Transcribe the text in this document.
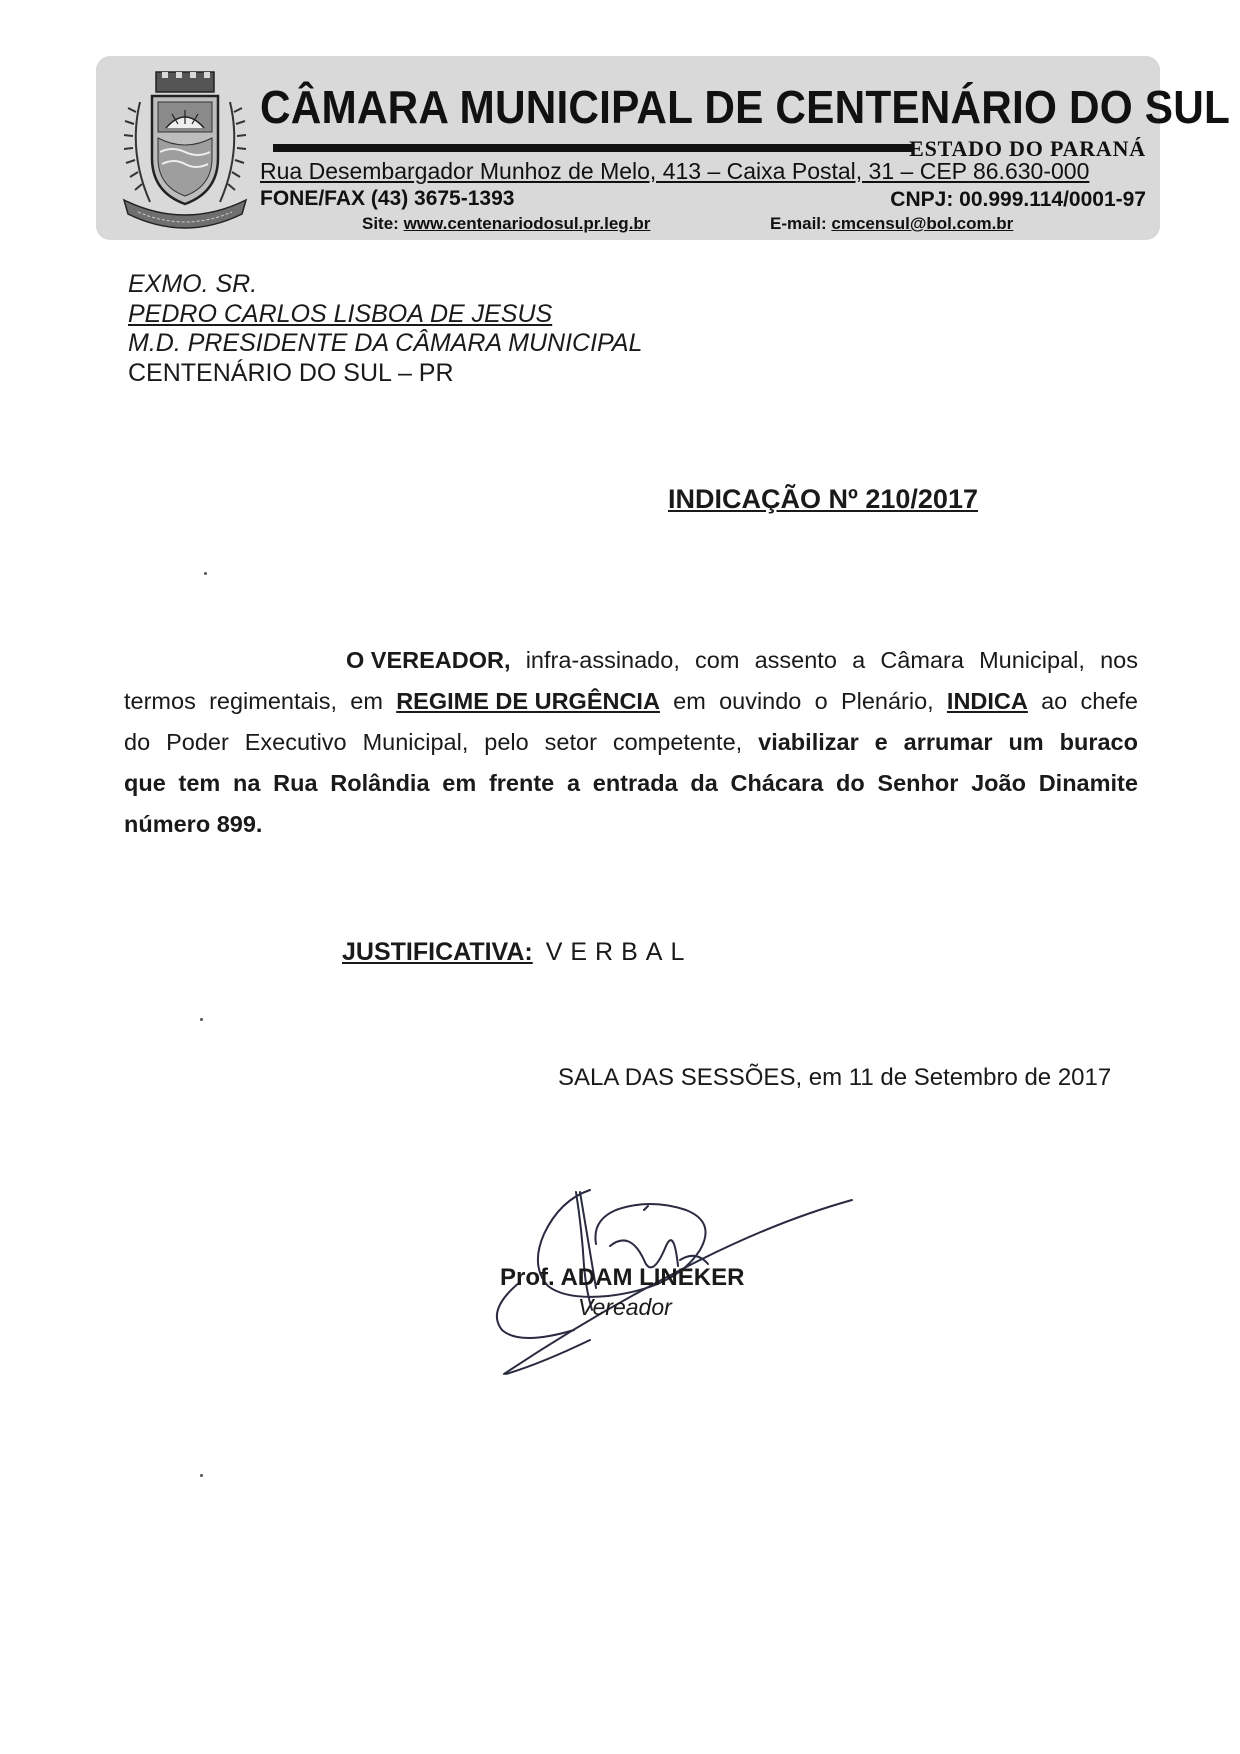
CÂMARA MUNICIPAL DE CENTENÁRIO DO SUL
ESTADO DO PARANÁ
Rua Desembargador Munhoz de Melo, 413 – Caixa Postal, 31 – CEP 86.630-000
FONE/FAX (43) 3675-1393	CNPJ: 00.999.114/0001-97
Site: www.centenariodosul.pr.leg.br	E-mail: cmcensul@bol.com.br
EXMO. SR.
PEDRO CARLOS LISBOA DE JESUS
M.D. PRESIDENTE DA CÂMARA MUNICIPAL
CENTENÁRIO DO SUL – PR
INDICAÇÃO Nº 210/2017
O VEREADOR, infra-assinado, com assento a Câmara Municipal, nos
termos regimentais, em REGIME DE URGÊNCIA em ouvindo o Plenário, INDICA ao chefe
do Poder Executivo Municipal, pelo setor competente, viabilizar e arrumar um buraco
que tem na Rua Rolândia em frente a entrada da Chácara do Senhor João Dinamite
número 899.
JUSTIFICATIVA: VERBAL
SALA DAS SESSÕES, em 11 de Setembro de 2017
Prof. ADAM LINEKER
Vereador
